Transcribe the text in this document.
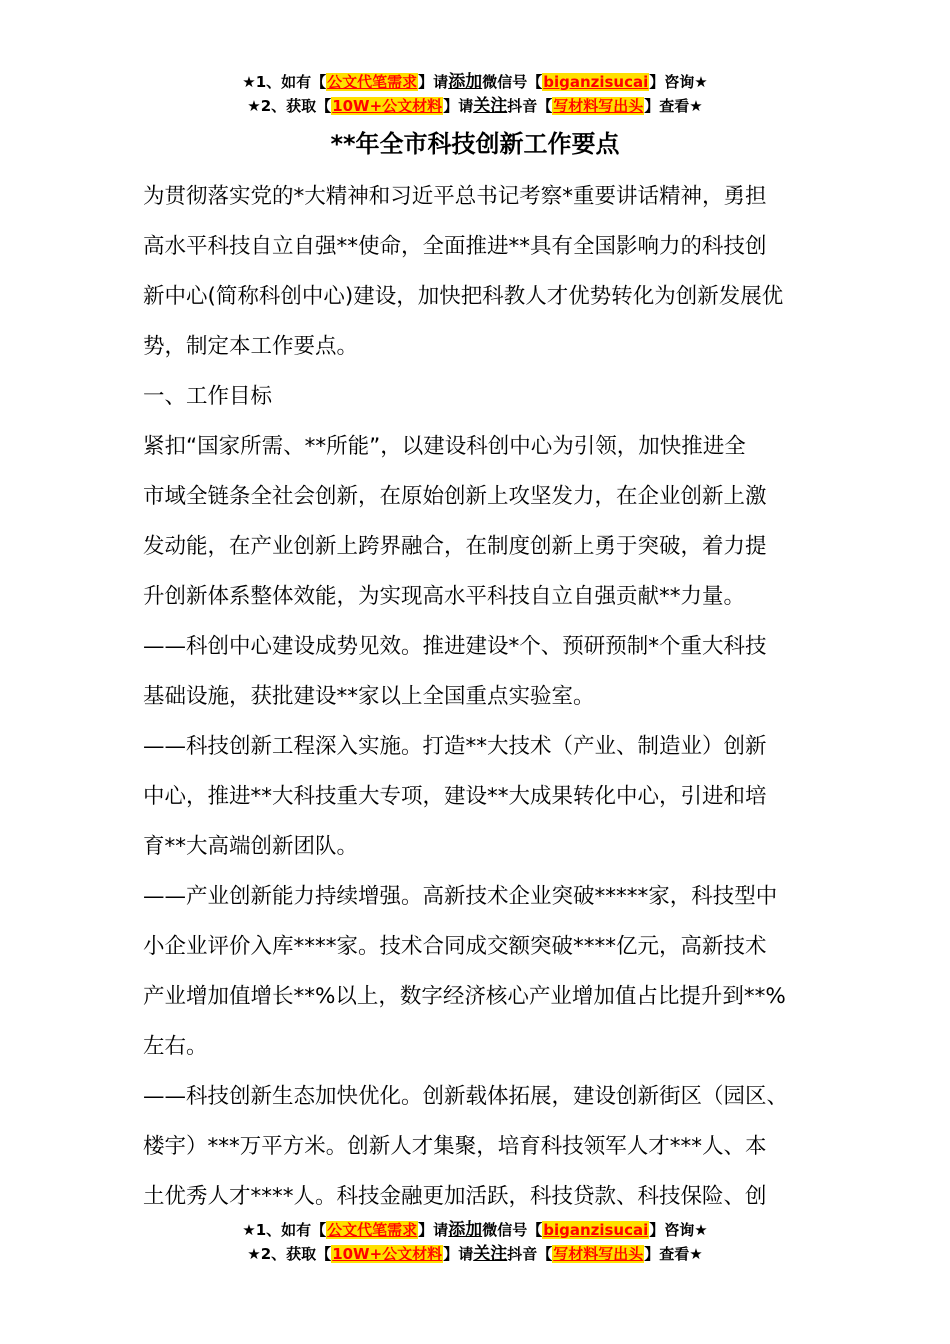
★1、如有【公文代笔需求】请添加微信号【biganzisucai】咨询★
★2、获取【10W+公文材料】请关注抖音【写材料写出头】查看★
**年全市科技创新工作要点
为贯彻落实党的*大精神和习近平总书记考察*重要讲话精神，勇担
高水平科技自立自强**使命，全面推进**具有全国影响力的科技创
新中心(简称科创中心)建设，加快把科教人才优势转化为创新发展优
势，制定本工作要点。
一、工作目标
紧扣“国家所需、**所能”，以建设科创中心为引领，加快推进全
市域全链条全社会创新，在原始创新上攻坚发力，在企业创新上激
发动能，在产业创新上跨界融合，在制度创新上勇于突破，着力提
升创新体系整体效能，为实现高水平科技自立自强贡献**力量。
——科创中心建设成势见效。推进建设*个、预研预制*个重大科技
基础设施，获批建设**家以上全国重点实验室。
——科技创新工程深入实施。打造**大技术（产业、制造业）创新
中心，推进**大科技重大专项，建设**大成果转化中心，引进和培
育**大高端创新团队。
——产业创新能力持续增强。高新技术企业突破*****家，科技型中
小企业评价入库****家。技术合同成交额突破****亿元，高新技术
产业增加值增长**%以上，数字经济核心产业增加值占比提升到**%
左右。
——科技创新生态加快优化。创新载体拓展，建设创新街区（园区、
楼宇）***万平方米。创新人才集聚，培育科技领军人才***人、本
土优秀人才****人。科技金融更加活跃，科技贷款、科技保险、创
★1、如有【公文代笔需求】请添加微信号【biganzisucai】咨询★
★2、获取【10W+公文材料】请关注抖音【写材料写出头】查看★
